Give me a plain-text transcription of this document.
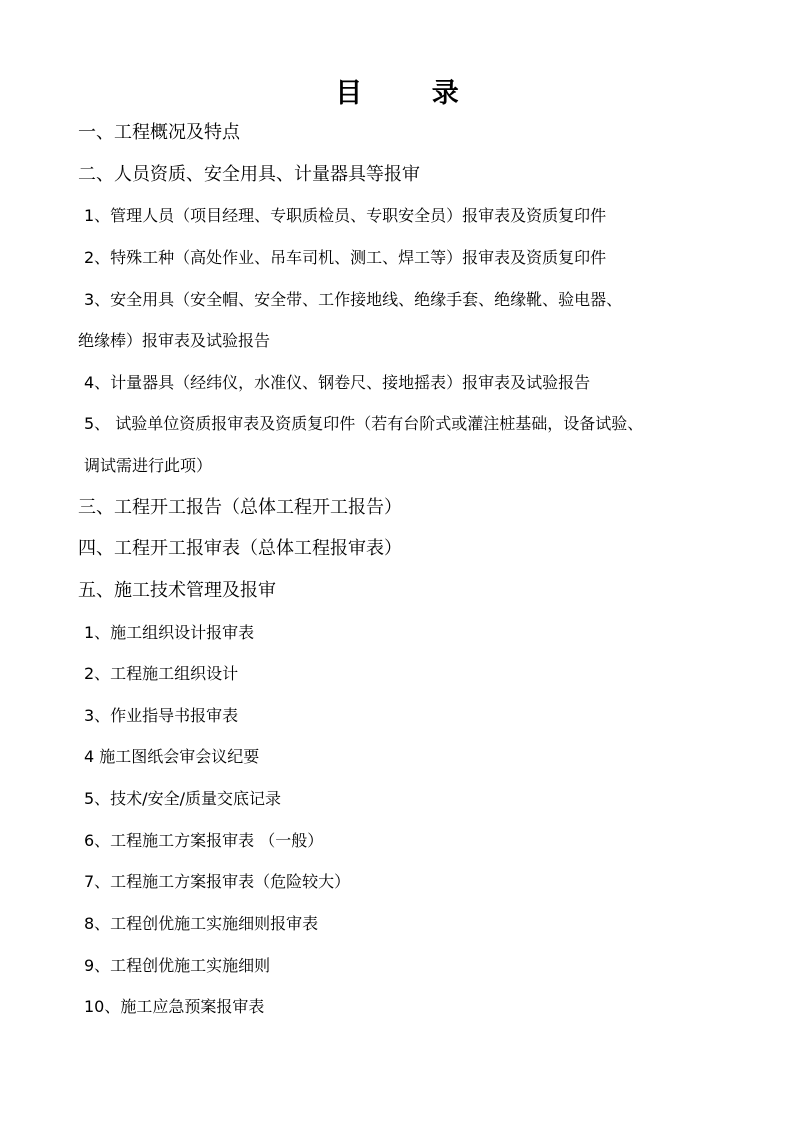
目 录
一、工程概况及特点
二、人员资质、安全用具、计量器具等报审
1、管理人员（项目经理、专职质检员、专职安全员）报审表及资质复印件
2、特殊工种（高处作业、吊车司机、测工、焊工等）报审表及资质复印件
3、安全用具（安全帽、安全带、工作接地线、绝缘手套、绝缘靴、验电器、
绝缘棒）报审表及试验报告
4、计量器具（经纬仪，水准仪、钢卷尺、接地摇表）报审表及试验报告
5、 试验单位资质报审表及资质复印件（若有台阶式或灌注桩基础，设备试验、
调试需进行此项）
三、工程开工报告（总体工程开工报告）
四、工程开工报审表（总体工程报审表）
五、施工技术管理及报审
1、施工组织设计报审表
2、工程施工组织设计
3、作业指导书报审表
4 施工图纸会审会议纪要
5、技术/安全/质量交底记录
6、工程施工方案报审表 （一般）
7、工程施工方案报审表（危险较大）
8、工程创优施工实施细则报审表
9、工程创优施工实施细则
10、施工应急预案报审表
